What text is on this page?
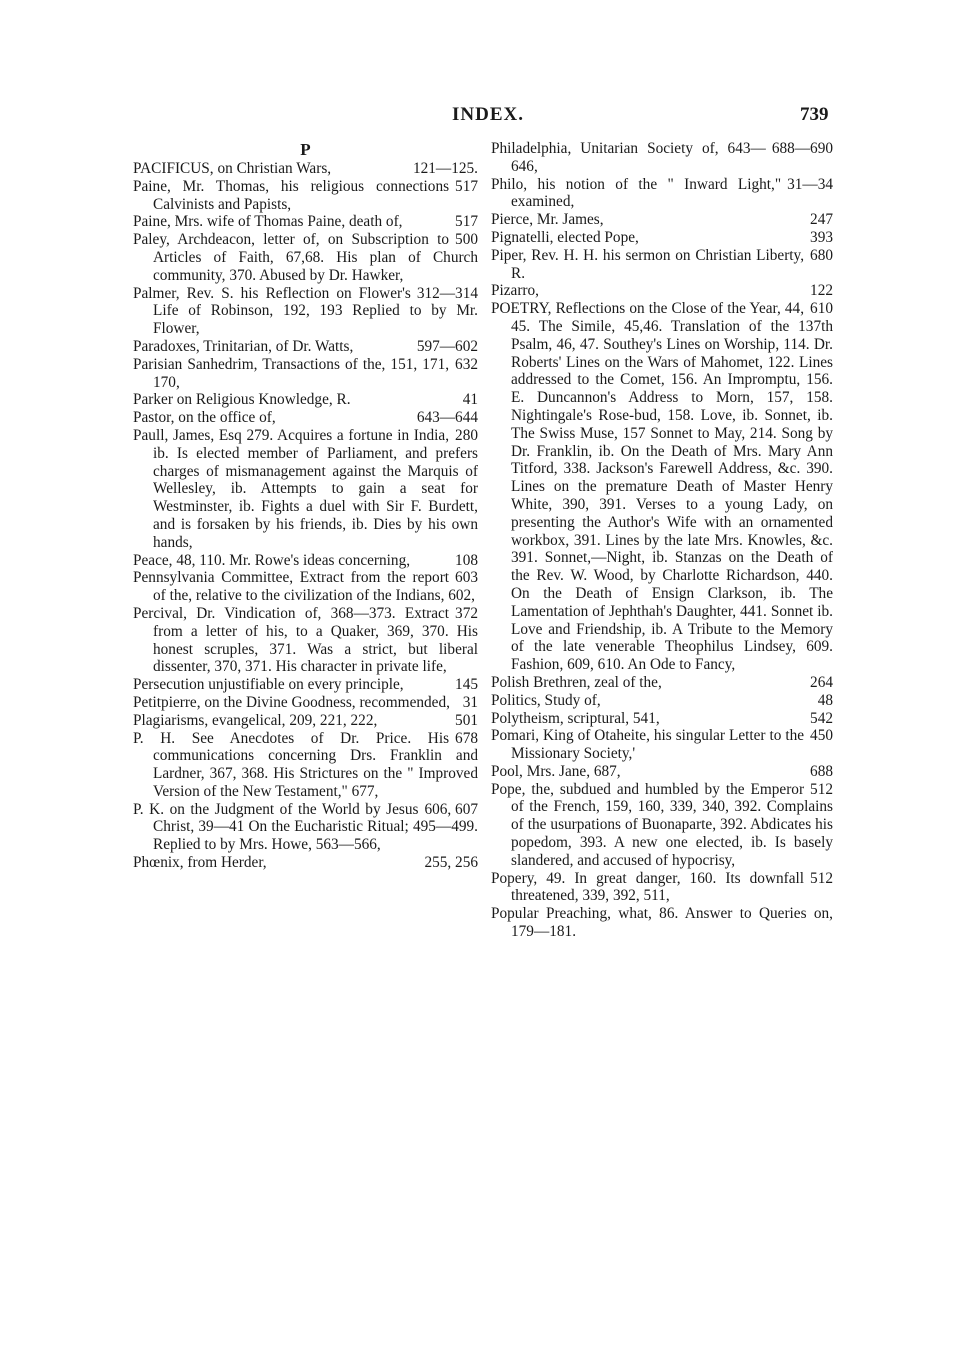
INDEX.	739
P
121—125.
PACIFICUS, on Christian Wars,
517
Paine, Mr. Thomas, his religious connections Calvinists and Papists,
517
Paine, Mrs. wife of Thomas Paine, death of,
500
Paley, Archdeacon, letter of, on Subscription to Articles of Faith, 67,68. His plan of Church community, 370. Abused by Dr. Hawker,
312—314
Palmer, Rev. S. his Reflection on Flower's Life of Robinson, 192, 193 Replied to by Mr. Flower,
597—602
Paradoxes, Trinitarian, of Dr. Watts,
632
Parisian Sanhedrim, Transactions of the, 151, 171, 170,
41
Parker on Religious Knowledge, R.
643—644
Pastor, on the office of,
280
Paull, James, Esq 279. Acquires a fortune in India, ib. Is elected member of Parliament, and prefers charges of mismanagement against the Marquis of Wellesley, ib. Attempts to gain a seat for Westminster, ib. Fights a duel with Sir F. Burdett, and is forsaken by his friends, ib. Dies by his own hands,
108
Peace, 48, 110. Mr. Rowe's ideas concerning,
603
Pennsylvania Committee, Extract from the report of the, relative to the civilization of the Indians, 602,
372
Percival, Dr. Vindication of, 368—373. Extract from a letter of his, to a Quaker, 369, 370. His honest scruples, 371. Was a strict, but liberal dissenter, 370, 371. His character in private life,
145
Persecution unjustifiable on every principle,
31
Petitpierre, on the Divine Goodness, recommended,
501
Plagiarisms, evangelical, 209, 221, 222,
678
P. H. See Anecdotes of Dr. Price. His communications concerning Drs. Franklin and Lardner, 367, 368. His Strictures on the " Improved Version of the New Testament," 677,
606, 607
P. K. on the Judgment of the World by Jesus Christ, 39—41 On the Eucharistic Ritual; 495—499. Replied to by Mrs. Howe, 563—566,
255, 256
Phœnix, from Herder,
688—690
Philadelphia, Unitarian Society of, 643—646,
31—34
Philo, his notion of the " Inward Light," examined,
247
Pierce, Mr. James,
393
Pignatelli, elected Pope,
680
Piper, Rev. H. H. his sermon on Christian Liberty, R.
122
Pizarro,
610
POETRY, Reflections on the Close of the Year, 44, 45. The Simile, 45,46. Translation of the 137th Psalm, 46, 47. Southey's Lines on Worship, 114. Dr. Roberts' Lines on the Wars of Mahomet, 122. Lines addressed to the Comet, 156. An Impromptu, 156. E. Duncannon's Address to Morn, 157, 158. Nightingale's Rose-bud, 158. Love, ib. Sonnet, ib. The Swiss Muse, 157 Sonnet to May, 214. Song by Dr. Franklin, ib. On the Death of Mrs. Mary Ann Titford, 338. Jackson's Farewell Address, &c. 390. Lines on the premature Death of Master Henry White, 390, 391. Verses to a young Lady, on presenting the Author's Wife with an ornamented workbox, 391. Lines by the late Mrs. Knowles, &c. 391. Sonnet,—Night, ib. Stanzas on the Death of the Rev. W. Wood, by Charlotte Richardson, 440. On the Death of Ensign Clarkson, ib. The Lamentation of Jephthah's Daughter, 441. Sonnet ib. Love and Friendship, ib. A Tribute to the Memory of the late venerable Theophilus Lindsey, 609. Fashion, 609, 610. An Ode to Fancy,
264
Polish Brethren, zeal of the,
48
Politics, Study of,
542
Polytheism, scriptural, 541,
450
Pomari, King of Otaheite, his singular Letter to the Missionary Society,'
688
Pool, Mrs. Jane, 687,
512
Pope, the, subdued and humbled by the Emperor of the French, 159, 160, 339, 340, 392. Complains of the usurpations of Buonaparte, 392. Abdicates his popedom, 393. A new one elected, ib. Is basely slandered, and accused of hypocrisy,
512
Popery, 49. In great danger, 160. Its downfall threatened, 339, 392, 511,
Popular Preaching, what, 86. Answer to Queries on, 179—181.
